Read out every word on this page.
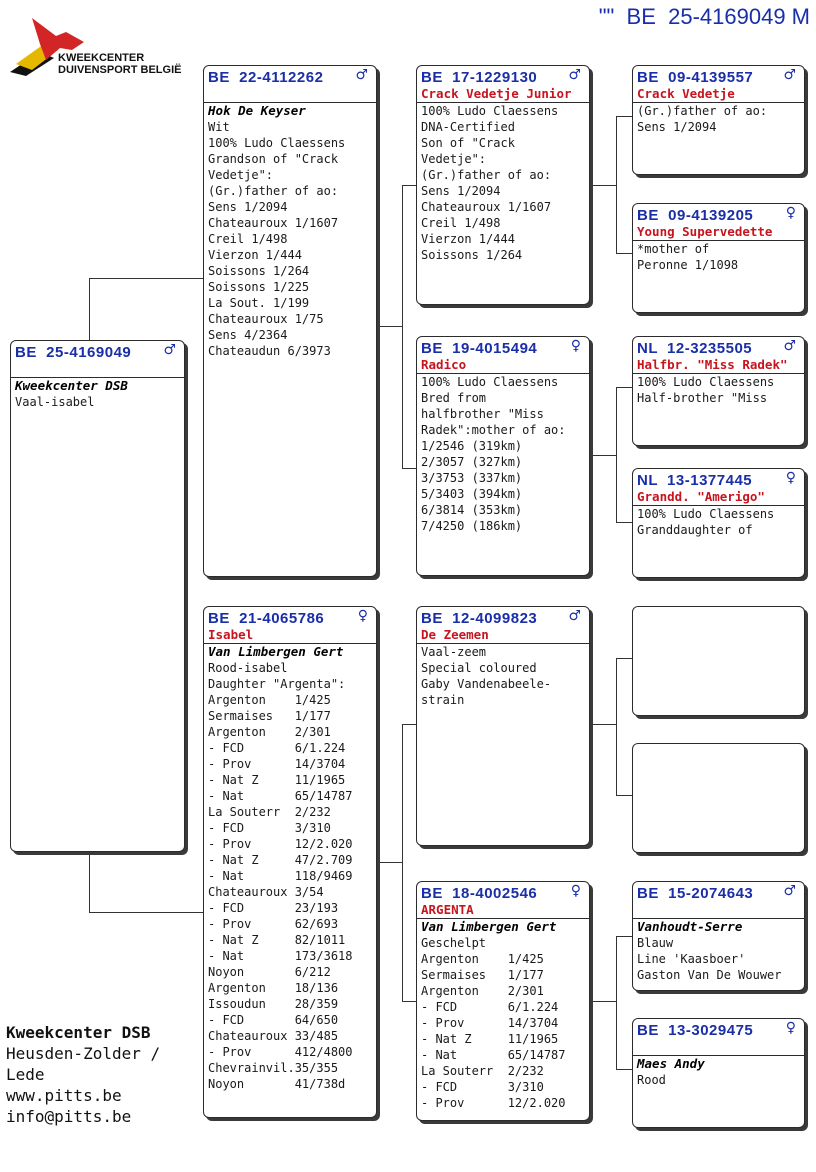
KWEEKCENTER
DUIVENSPORT BELGIË
""  BE  25-4169049 M
BE  25-4169049	♂
Kweekcenter DSB
Vaal-isabel
BE  22-4112262	♂
Hok De Keyser
Wit
100% Ludo Claessens
Grandson of "Crack
Vedetje":
(Gr.)father of ao:
Sens 1/2094
Chateauroux 1/1607
Creil 1/498
Vierzon 1/444
Soissons 1/264
Soissons 1/225
La Sout. 1/199
Chateauroux 1/75
Sens 4/2364
Chateaudun 6/3973
BE  21-4065786	♀
Isabel
Van Limbergen Gert
Rood-isabel
Daughter "Argenta":
Argenton    1/425
Sermaises   1/177
Argenton    2/301
- FCD       6/1.224
- Prov      14/3704
- Nat Z     11/1965
- Nat       65/14787
La Souterr  2/232
- FCD       3/310
- Prov      12/2.020
- Nat Z     47/2.709
- Nat       118/9469
Chateauroux 3/54
- FCD       23/193
- Prov      62/693
- Nat Z     82/1011
- Nat       173/3618
Noyon       6/212
Argenton    18/136
Issoudun    28/359
- FCD       64/650
Chateauroux 33/485
- Prov      412/4800
Chevrainvil.35/355
Noyon       41/738d
BE  17-1229130	♂
Crack Vedetje Junior
100% Ludo Claessens
DNA-Certified
Son of "Crack
Vedetje":
(Gr.)father of ao:
Sens 1/2094
Chateauroux 1/1607
Creil 1/498
Vierzon 1/444
Soissons 1/264
BE  19-4015494	♀
Radico
100% Ludo Claessens
Bred from
halfbrother "Miss
Radek":mother of ao:
1/2546 (319km)
2/3057 (327km)
3/3753 (337km)
5/3403 (394km)
6/3814 (353km)
7/4250 (186km)
BE  12-4099823	♂
De Zeemen
Vaal-zeem
Special coloured
Gaby Vandenabeele-
strain
BE  18-4002546	♀
ARGENTA
Van Limbergen Gert
Geschelpt
Argenton    1/425
Sermaises   1/177
Argenton    2/301
- FCD       6/1.224
- Prov      14/3704
- Nat Z     11/1965
- Nat       65/14787
La Souterr  2/232
- FCD       3/310
- Prov      12/2.020
BE  09-4139557	♂
Crack Vedetje
(Gr.)father of ao:
Sens 1/2094
BE  09-4139205	♀
Young Supervedette
*mother of
Peronne 1/1098
NL  12-3235505	♂
Halfbr. "Miss Radek"
100% Ludo Claessens
Half-brother "Miss
NL  13-1377445	♀
Grandd. "Amerigo"
100% Ludo Claessens
Granddaughter of
BE  15-2074643	♂
Vanhoudt-Serre
Blauw
Line 'Kaasboer'
Gaston Van De Wouwer
BE  13-3029475	♀
Maes Andy
Rood
Kweekcenter DSB
Heusden-Zolder /
Lede
www.pitts.be
info@pitts.be
